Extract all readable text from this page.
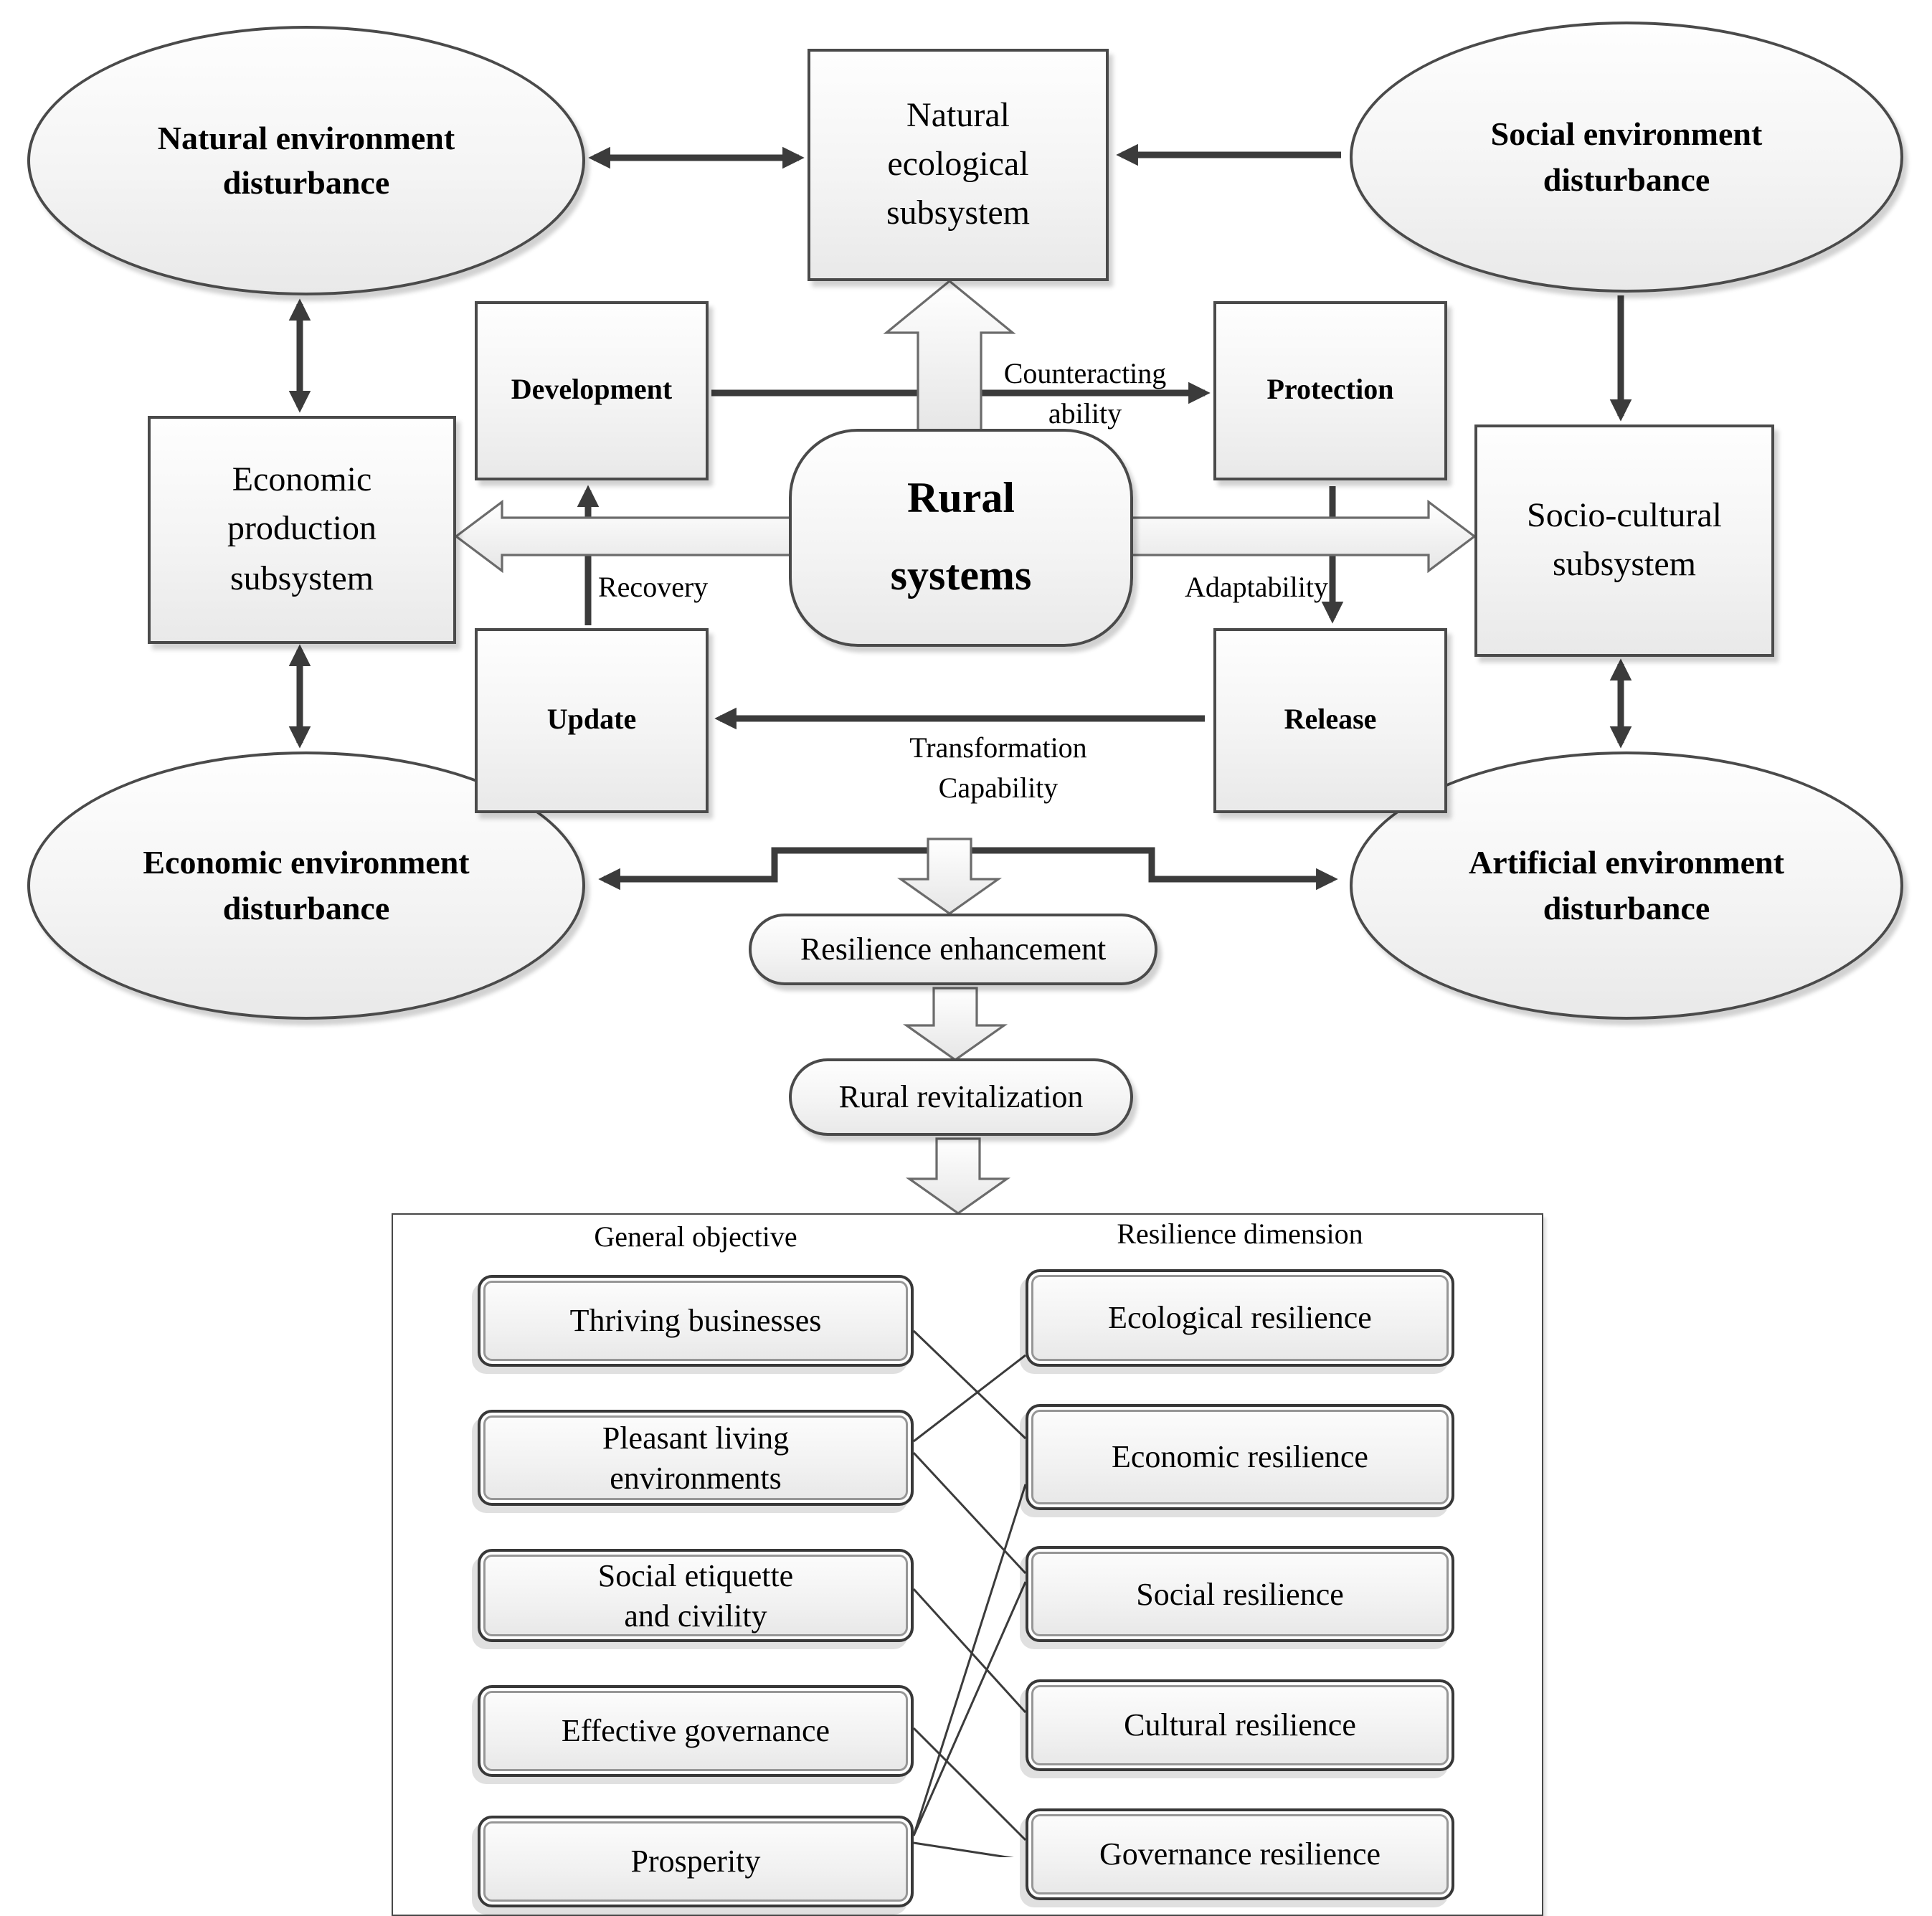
Natural environment disturbance
Social environment disturbance
Economic environment disturbance
Artificial environment disturbance
Natural ecological subsystem
Economic production subsystem
Socio-cultural subsystem
Development	Protection
Update	Release
Rural systems
Resilience enhancement
Rural revitalization
Counteracting ability
Recovery	Adaptability
Transformation Capability
General objective	Resilience dimension
Thriving businesses
Pleasant living environments
Social etiquette and civility
Effective governance
Prosperity
Ecological resilience
Economic resilience
Social resilience
Cultural resilience
Governance resilience
